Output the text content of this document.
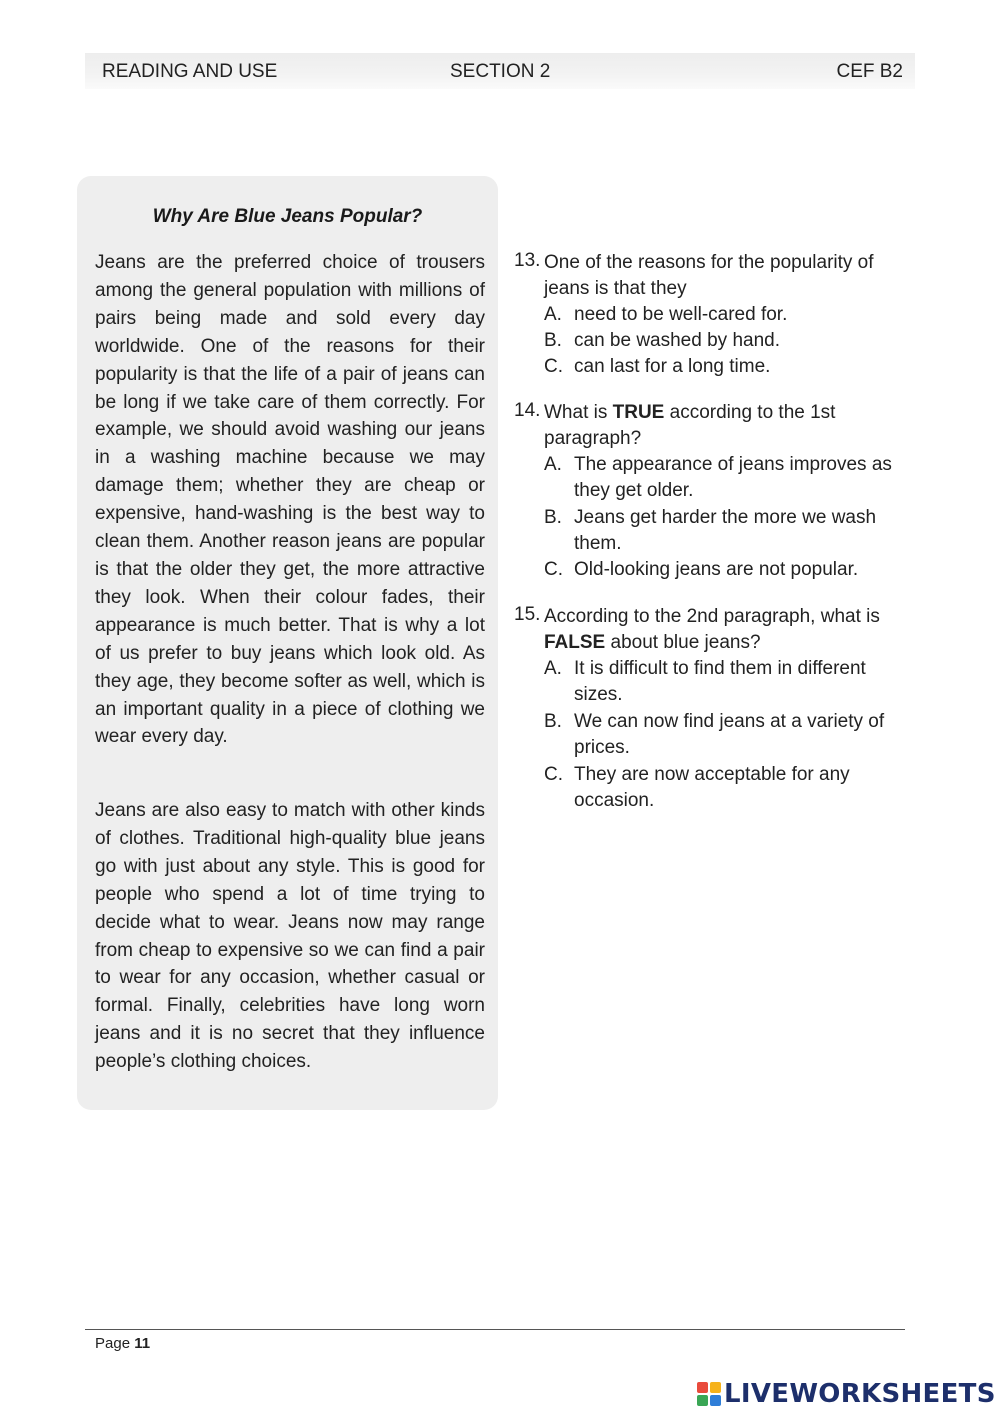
READING AND USE	SECTION 2	CEF B2
Why Are Blue Jeans Popular?

Jeans are the preferred choice of trousers among the general population with millions of pairs being made and sold every day worldwide. One of the reasons for their popularity is that the life of a pair of jeans can be long if we take care of them correctly. For example, we should avoid washing our jeans in a washing machine because we may damage them; whether they are cheap or expensive, hand-washing is the best way to clean them. Another reason jeans are popular is that the older they get, the more attractive they look. When their colour fades, their appearance is much better. That is why a lot of us prefer to buy jeans which look old. As they age, they become softer as well, which is an important quality in a piece of clothing we wear every day.

Jeans are also easy to match with other kinds of clothes. Traditional high-quality blue jeans go with just about any style. This is good for people who spend a lot of time trying to decide what to wear. Jeans now may range from cheap to expensive so we can find a pair to wear for any occasion, whether casual or formal. Finally, celebrities have long worn jeans and it is no secret that they influence people’s clothing choices.

13. One of the reasons for the popularity of jeans is that they
A. need to be well-cared for.
B. can be washed by hand.
C. can last for a long time.
14. What is TRUE according to the 1st paragraph?
A. The appearance of jeans improves as they get older.
B. Jeans get harder the more we wash them.
C. Old-looking jeans are not popular.
15. According to the 2nd paragraph, what is FALSE about blue jeans?
A. It is difficult to find them in different sizes.
B. We can now find jeans at a variety of prices.
C. They are now acceptable for any occasion.
Page 11
LIVEWORKSHEETS
